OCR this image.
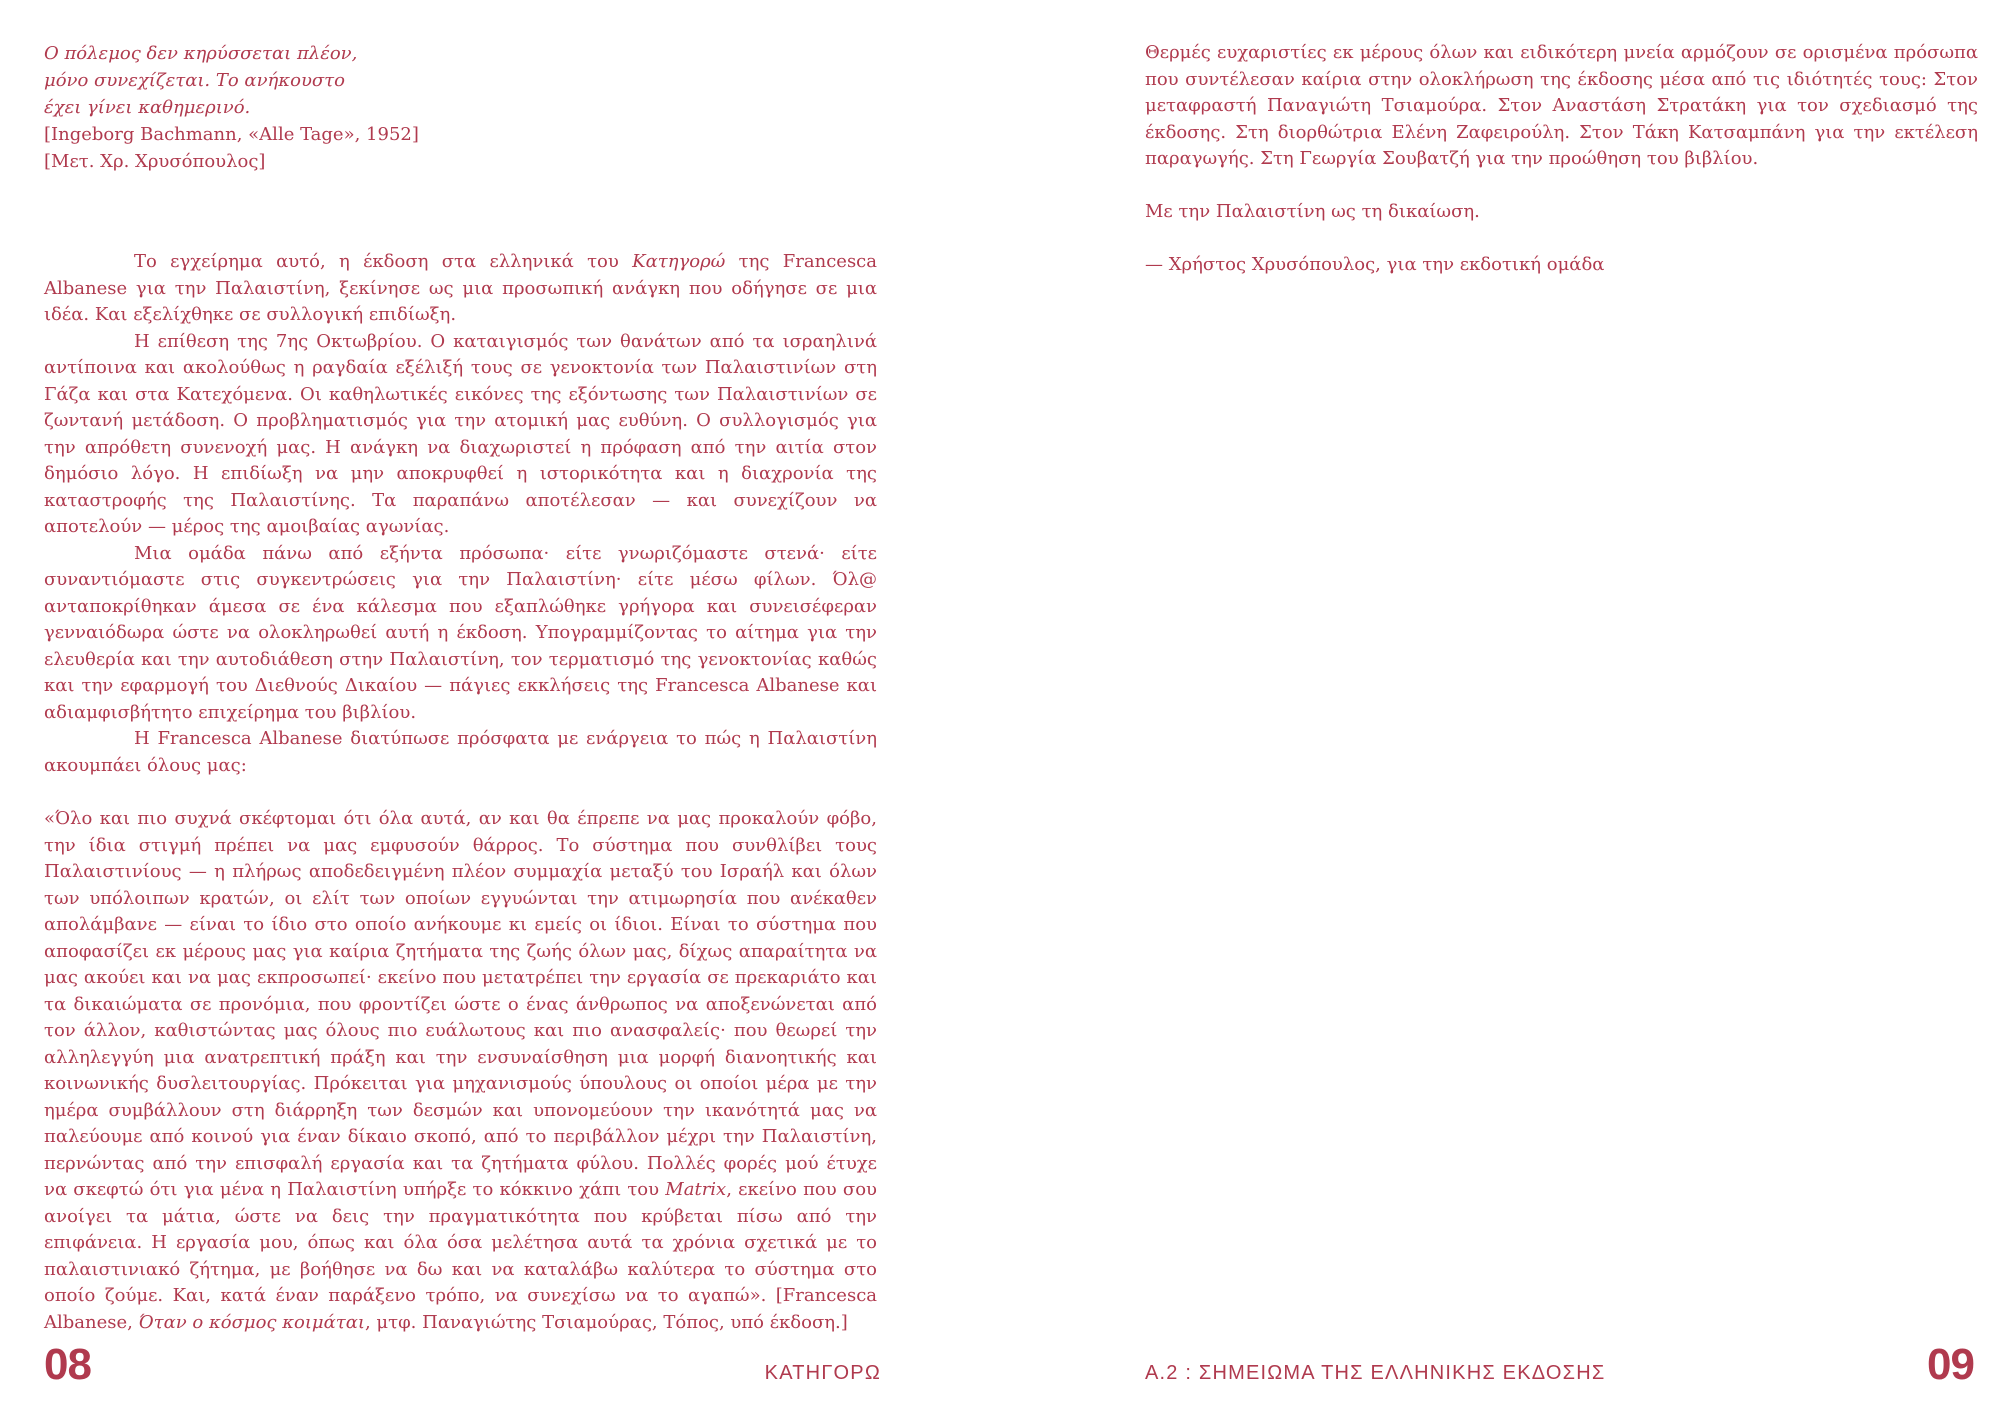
Ο πόλεμος δεν κηρύσσεται πλέον,
μόνο συνεχίζεται. Το ανήκουστο
έχει γίνει καθημερινό.
[Ingeborg Bachmann, «Alle Tage», 1952]
[Μετ. Χρ. Χρυσόπουλος]

Το εγχείρημα αυτό, η έκδοση στα ελληνικά του Κατηγορώ της Francesca Albanese για την Παλαιστίνη, ξεκίνησε ως μια προσωπική ανάγκη που οδήγησε σε μια ιδέα. Και εξελίχθηκε σε συλλογική επιδίωξη.

Η επίθεση της 7ης Οκτωβρίου. Ο καταιγισμός των θανάτων από τα ισραηλινά αντίποινα και ακολούθως η ραγδαία εξέλιξή τους σε γενοκτονία των Παλαιστινίων στη Γάζα και στα Κατεχόμενα. Οι καθηλωτικές εικόνες της εξόντωσης των Παλαιστινίων σε ζωντανή μετάδοση. Ο προβληματισμός για την ατομική μας ευθύνη. Ο συλλογισμός για την απρόθετη συνενοχή μας. Η ανάγκη να διαχωριστεί η πρόφαση από την αιτία στον δημόσιο λόγο. Η επιδίωξη να μην αποκρυφθεί η ιστορικότητα και η διαχρονία της καταστροφής της Παλαιστίνης. Τα παραπάνω αποτέλεσαν — και συνεχίζουν να αποτελούν — μέρος της αμοιβαίας αγωνίας.

Μια ομάδα πάνω από εξήντα πρόσωπα· είτε γνωριζόμαστε στενά· είτε συναντιόμαστε στις συγκεντρώσεις για την Παλαιστίνη· είτε μέσω φίλων. Όλ@ ανταποκρίθηκαν άμεσα σε ένα κάλεσμα που εξαπλώθηκε γρήγορα και συνεισέφεραν γενναιόδωρα ώστε να ολοκληρωθεί αυτή η έκδοση. Υπογραμμίζοντας το αίτημα για την ελευθερία και την αυτοδιάθεση στην Παλαιστίνη, τον τερματισμό της γενοκτονίας καθώς και την εφαρμογή του Διεθνούς Δικαίου — πάγιες εκκλήσεις της Francesca Albanese και αδιαμφισβήτητο επιχείρημα του βιβλίου.

Η Francesca Albanese διατύπωσε πρόσφατα με ενάργεια το πώς η Παλαιστίνη ακουμπάει όλους μας:

«Όλο και πιο συχνά σκέφτομαι ότι όλα αυτά, αν και θα έπρεπε να μας προκαλούν φόβο, την ίδια στιγμή πρέπει να μας εμφυσούν θάρρος. Το σύστημα που συνθλίβει τους Παλαιστινίους — η πλήρως αποδεδειγμένη πλέον συμμαχία μεταξύ του Ισραήλ και όλων των υπόλοιπων κρατών, οι ελίτ των οποίων εγγυώνται την ατιμωρησία που ανέκαθεν απολάμβανε — είναι το ίδιο στο οποίο ανήκουμε κι εμείς οι ίδιοι. Είναι το σύστημα που αποφασίζει εκ μέρους μας για καίρια ζητήματα της ζωής όλων μας, δίχως απαραίτητα να μας ακούει και να μας εκπροσωπεί· εκείνο που μετατρέπει την εργασία σε πρεκαριάτο και τα δικαιώματα σε προνόμια, που φροντίζει ώστε ο ένας άνθρωπος να αποξενώνεται από τον άλλον, καθιστώντας μας όλους πιο ευάλωτους και πιο ανασφαλείς· που θεωρεί την αλληλεγγύη μια ανατρεπτική πράξη και την ενσυναίσθηση μια μορφή διανοητικής και κοινωνικής δυσλειτουργίας. Πρόκειται για μηχανισμούς ύπουλους οι οποίοι μέρα με την ημέρα συμβάλλουν στη διάρρηξη των δεσμών και υπονομεύουν την ικανότητά μας να παλεύουμε από κοινού για έναν δίκαιο σκοπό, από το περιβάλλον μέχρι την Παλαιστίνη, περνώντας από την επισφαλή εργασία και τα ζητήματα φύλου. Πολλές φορές μού έτυχε να σκεφτώ ότι για μένα η Παλαιστίνη υπήρξε το κόκκινο χάπι του Matrix, εκείνο που σου ανοίγει τα μάτια, ώστε να δεις την πραγματικότητα που κρύβεται πίσω από την επιφάνεια. Η εργασία μου, όπως και όλα όσα μελέτησα αυτά τα χρόνια σχετικά με το παλαιστινιακό ζήτημα, με βοήθησε να δω και να καταλάβω καλύτερα το σύστημα στο οποίο ζούμε. Και, κατά έναν παράξενο τρόπο, να συνεχίσω να το αγαπώ». [Francesca Albanese, Όταν ο κόσμος κοιμάται, μτφ. Παναγιώτης Τσιαμούρας, Τόπος, υπό έκδοση.]

08	ΚΑΤΗΓΟΡΩ

Θερμές ευχαριστίες εκ μέρους όλων και ειδικότερη μνεία αρμόζουν σε ορισμένα πρόσωπα που συντέλεσαν καίρια στην ολοκλήρωση της έκδοσης μέσα από τις ιδιότητές τους: Στον μεταφραστή Παναγιώτη Τσιαμούρα. Στον Αναστάση Στρατάκη για τον σχεδιασμό της έκδοσης. Στη διορθώτρια Ελένη Ζαφειρούλη. Στον Τάκη Κατσαμπάνη για την εκτέλεση παραγωγής. Στη Γεωργία Σουβατζή για την προώθηση του βιβλίου.

Με την Παλαιστίνη ως τη δικαίωση.

— Χρήστος Χρυσόπουλος, για την εκδοτική ομάδα

Α.2 : ΣΗΜΕΙΩΜΑ ΤΗΣ ΕΛΛΗΝΙΚΗΣ ΕΚΔΟΣΗΣ	09
